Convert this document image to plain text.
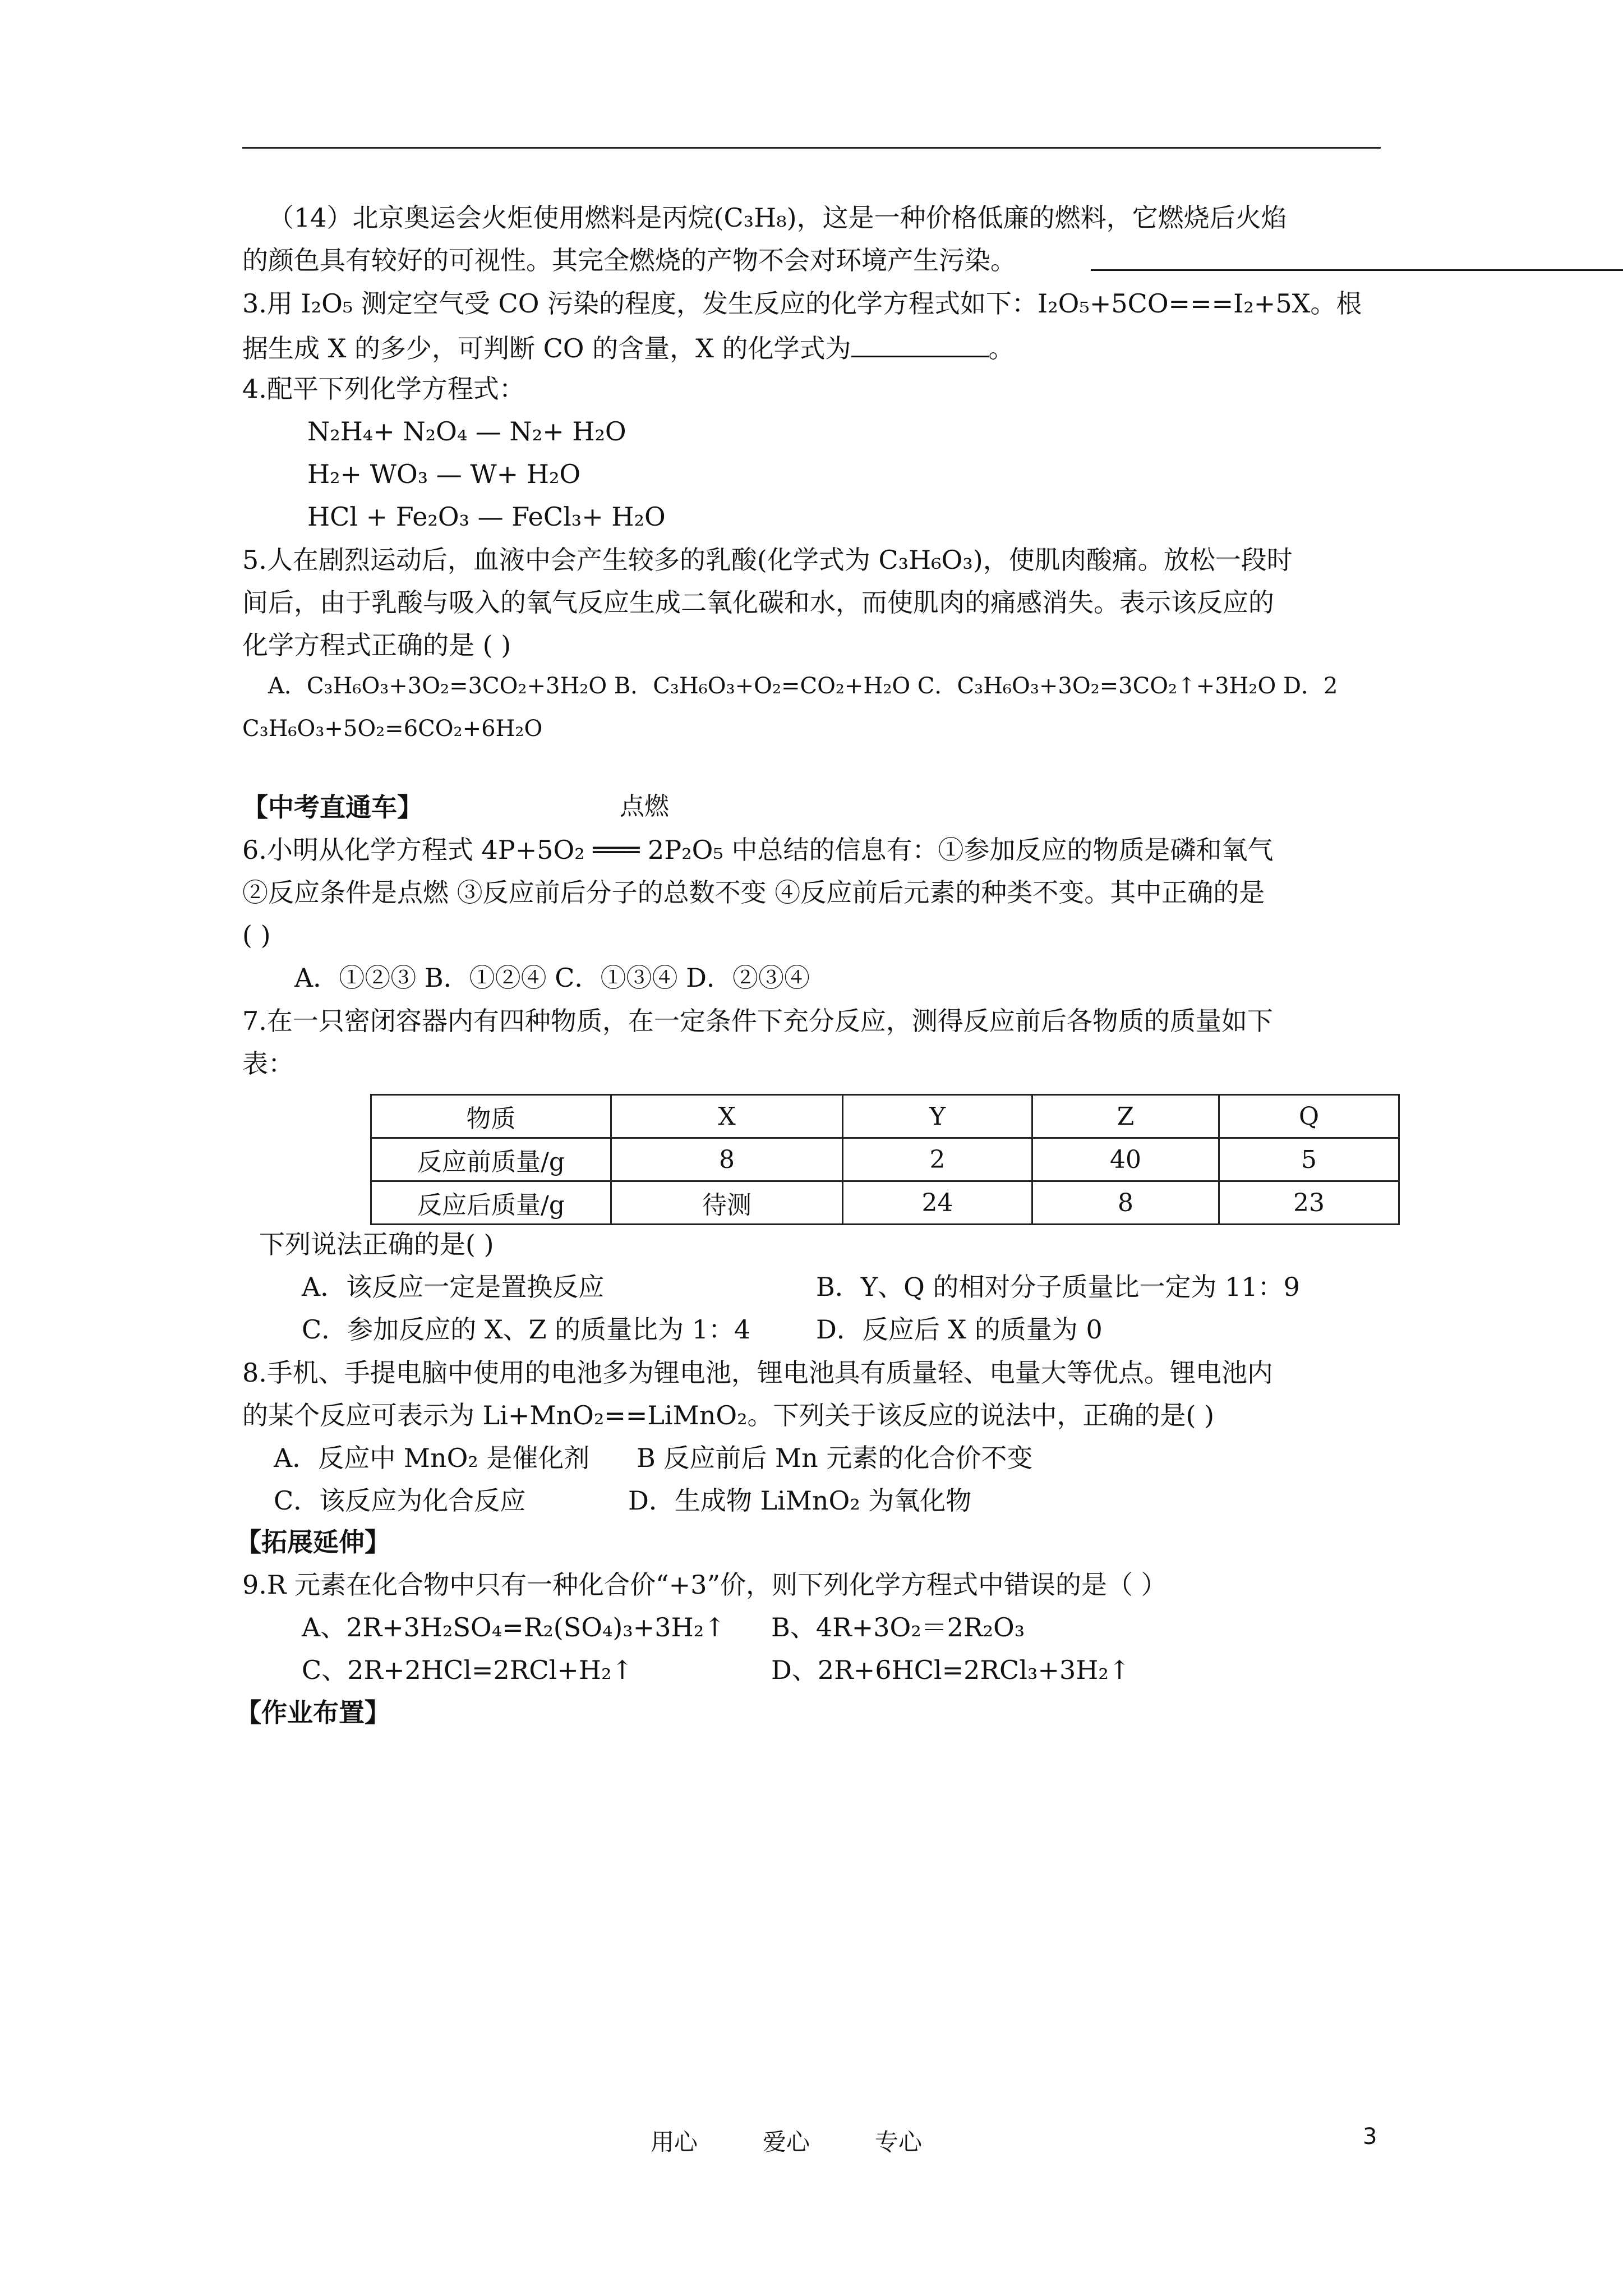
（14）北京奥运会火炬使用燃料是丙烷(C₃H₈)，这是一种价格低廉的燃料，它燃烧后火焰
的颜色具有较好的可视性。其完全燃烧的产物不会对环境产生污染。
3.用 I₂O₅ 测定空气受 CO 污染的程度，发生反应的化学方程式如下：I₂O₅+5CO===I₂+5X。根
据生成 X 的多少，可判断 CO 的含量，X 的化学式为	。
4.配平下列化学方程式：
N₂H₄+ N₂O₄ — N₂+ H₂O
H₂+ WO₃ — W+ H₂O
HCl + Fe₂O₃ — FeCl₃+ H₂O
5.人在剧烈运动后，血液中会产生较多的乳酸(化学式为 C₃H₆O₃)，使肌肉酸痛。放松一段时
间后，由于乳酸与吸入的氧气反应生成二氧化碳和水，而使肌肉的痛感消失。表示该反应的
化学方程式正确的是 ( )
A．C₃H₆O₃+3O₂=3CO₂+3H₂O B．C₃H₆O₃+O₂=CO₂+H₂O C．C₃H₆O₃+3O₂=3CO₂↑+3H₂O D．2
C₃H₆O₃+5O₂=6CO₂+6H₂O
【中考直通车】	点燃
6.小明从化学方程式 4P+5O₂ ═══ 2P₂O₅ 中总结的信息有：①参加反应的物质是磷和氧气
②反应条件是点燃 ③反应前后分子的总数不变 ④反应前后元素的种类不变。其中正确的是
( )
A．①②③ B．①②④ C．①③④ D．②③④
7.在一只密闭容器内有四种物质，在一定条件下充分反应，测得反应前后各物质的质量如下
表：
物质	X	Y	Z	Q
反应前质量/g	8	2	40	5
反应后质量/g	待测	24	8	23
下列说法正确的是( )
A．该反应一定是置换反应	B．Y、Q 的相对分子质量比一定为 11：9
C．参加反应的 X、Z 的质量比为 1：4	D．反应后 X 的质量为 0
8.手机、手提电脑中使用的电池多为锂电池，锂电池具有质量轻、电量大等优点。锂电池内
的某个反应可表示为 Li+MnO₂==LiMnO₂。下列关于该反应的说法中，正确的是( )
A．反应中 MnO₂ 是催化剂 B 反应前后 Mn 元素的化合价不变
C．该反应为化合反应	D．生成物 LiMnO₂ 为氧化物
【拓展延伸】
9.R 元素在化合物中只有一种化合价“+3”价，则下列化学方程式中错误的是（ ）
A、2R+3H₂SO₄=R₂(SO₄)₃+3H₂↑ B、4R+3O₂＝2R₂O₃
C、2R+2HCl=2RCl+H₂↑	D、2R+6HCl=2RCl₃+3H₂↑
【作业布置】
用心	爱心	专心	3
